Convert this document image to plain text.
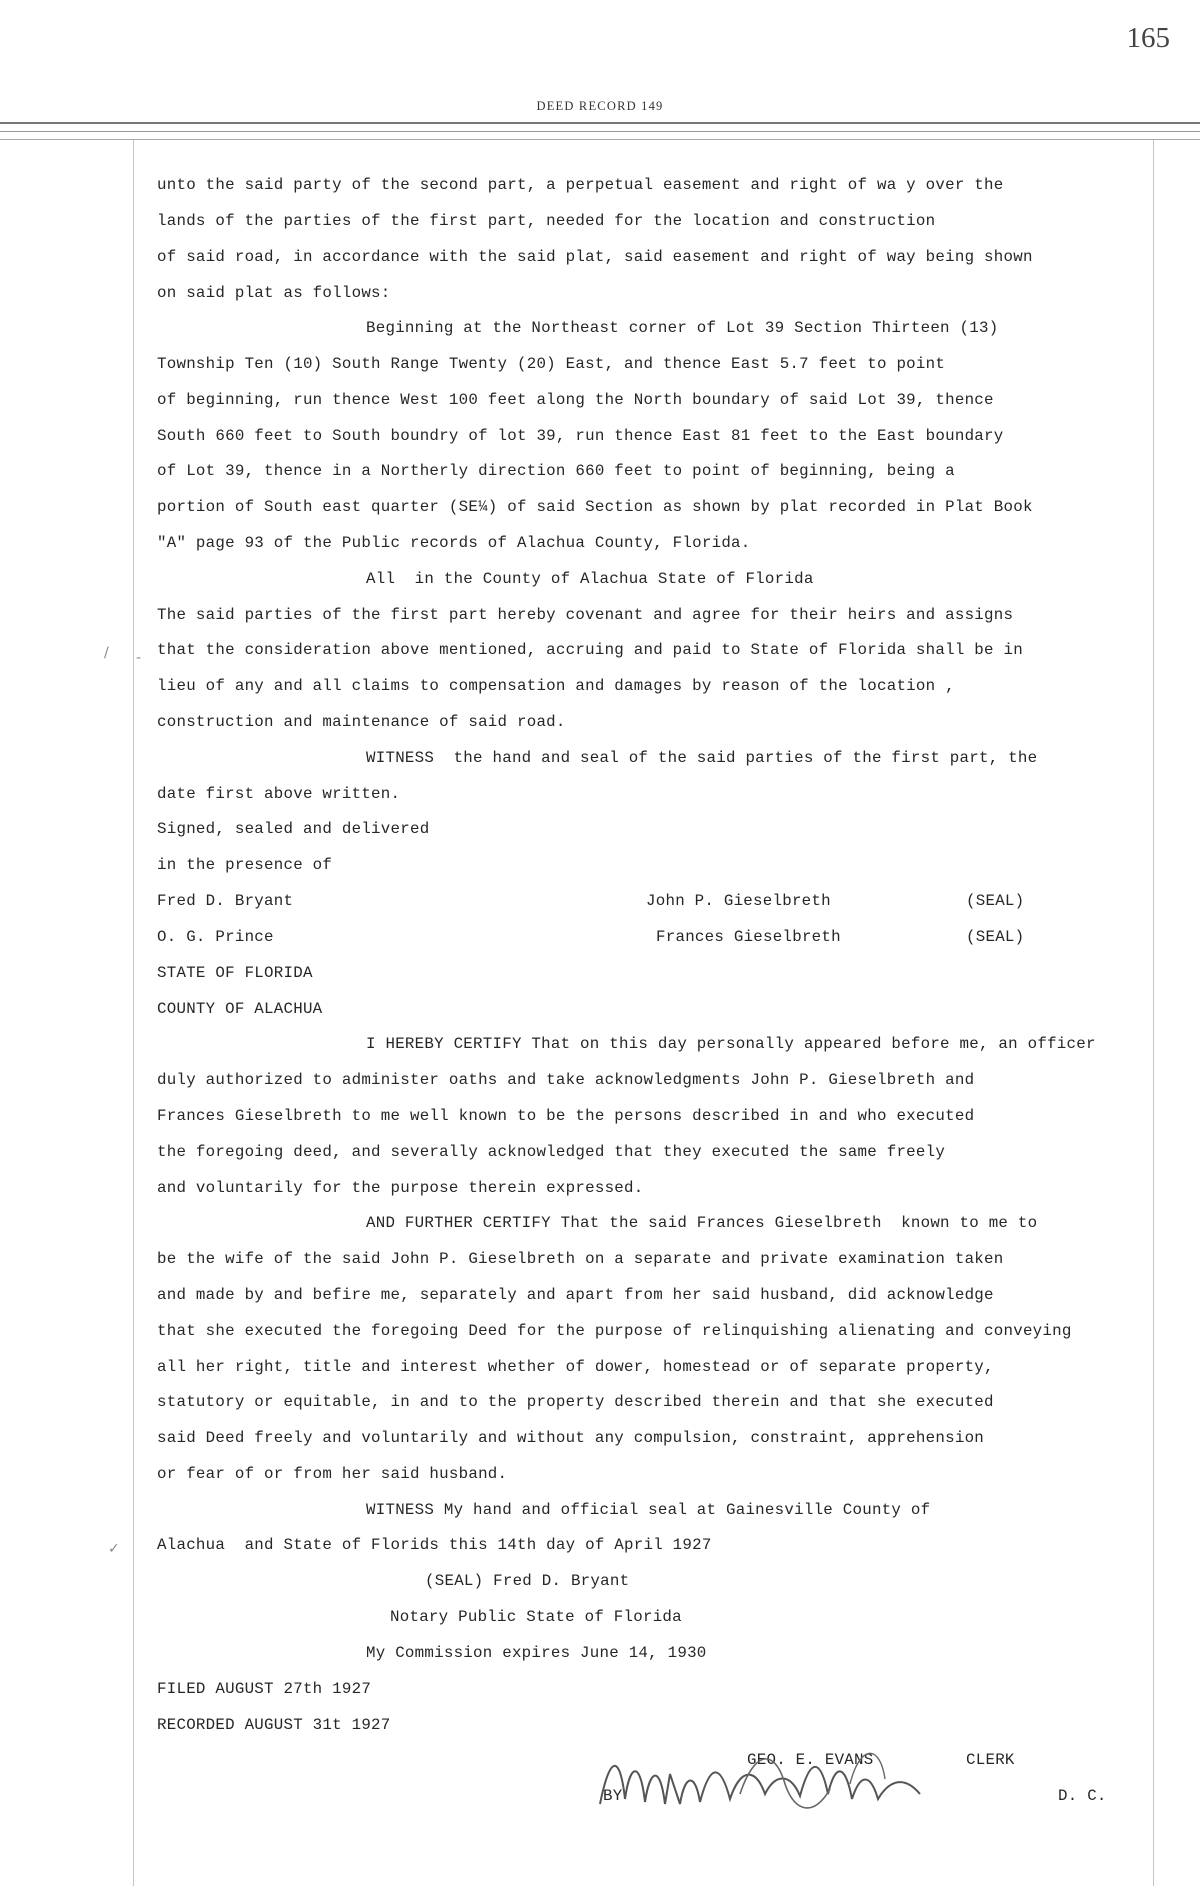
165
DEED RECORD 149
/ -
✓
unto the said party of the second part, a perpetual easement and right of wa y over the
lands of the parties of the first part, needed for the location and construction
of said road, in accordance with the said plat, said easement and right of way being shown
on said plat as follows:
Beginning at the Northeast corner of Lot 39 Section Thirteen (13)
Township Ten (10) South Range Twenty (20) East, and thence East 5.7 feet to point
of beginning, run thence West 100 feet along the North boundary of said Lot 39, thence
South 660 feet to South boundry of lot 39, run thence East 81 feet to the East boundary
of Lot 39, thence in a Northerly direction 660 feet to point of beginning, being a
portion of South east quarter (SE¼) of said Section as shown by plat recorded in Plat Book
"A" page 93 of the Public records of Alachua County, Florida.
All  in the County of Alachua State of Florida
The said parties of the first part hereby covenant and agree for their heirs and assigns
that the consideration above mentioned, accruing and paid to State of Florida shall be in
lieu of any and all claims to compensation and damages by reason of the location ,
construction and maintenance of said road.
WITNESS  the hand and seal of the said parties of the first part, the
date first above written.
Signed, sealed and delivered
in the presence of
Fred D. Bryant	John P. Gieselbreth	(SEAL)
O. G. Prince	Frances Gieselbreth	(SEAL)
STATE OF FLORIDA
COUNTY OF ALACHUA
I HEREBY CERTIFY That on this day personally appeared before me, an officer
duly authorized to administer oaths and take acknowledgments John P. Gieselbreth and
Frances Gieselbreth to me well known to be the persons described in and who executed
the foregoing deed, and severally acknowledged that they executed the same freely
and voluntarily for the purpose therein expressed.
AND FURTHER CERTIFY That the said Frances Gieselbreth  known to me to
be the wife of the said John P. Gieselbreth on a separate and private examination taken
and made by and befire me, separately and apart from her said husband, did acknowledge
that she executed the foregoing Deed for the purpose of relinquishing alienating and conveying
all her right, title and interest whether of dower, homestead or of separate property,
statutory or equitable, in and to the property described therein and that she executed
said Deed freely and voluntarily and without any compulsion, constraint, apprehension
or fear of or from her said husband.
WITNESS My hand and official seal at Gainesville County of
Alachua  and State of Florids this 14th day of April 1927
(SEAL) Fred D. Bryant
Notary Public State of Florida
My Commission expires June 14, 1930
FILED AUGUST 27th 1927
RECORDED AUGUST 31t 1927
GEO. E. EVANS	CLERK
BY	D. C.
